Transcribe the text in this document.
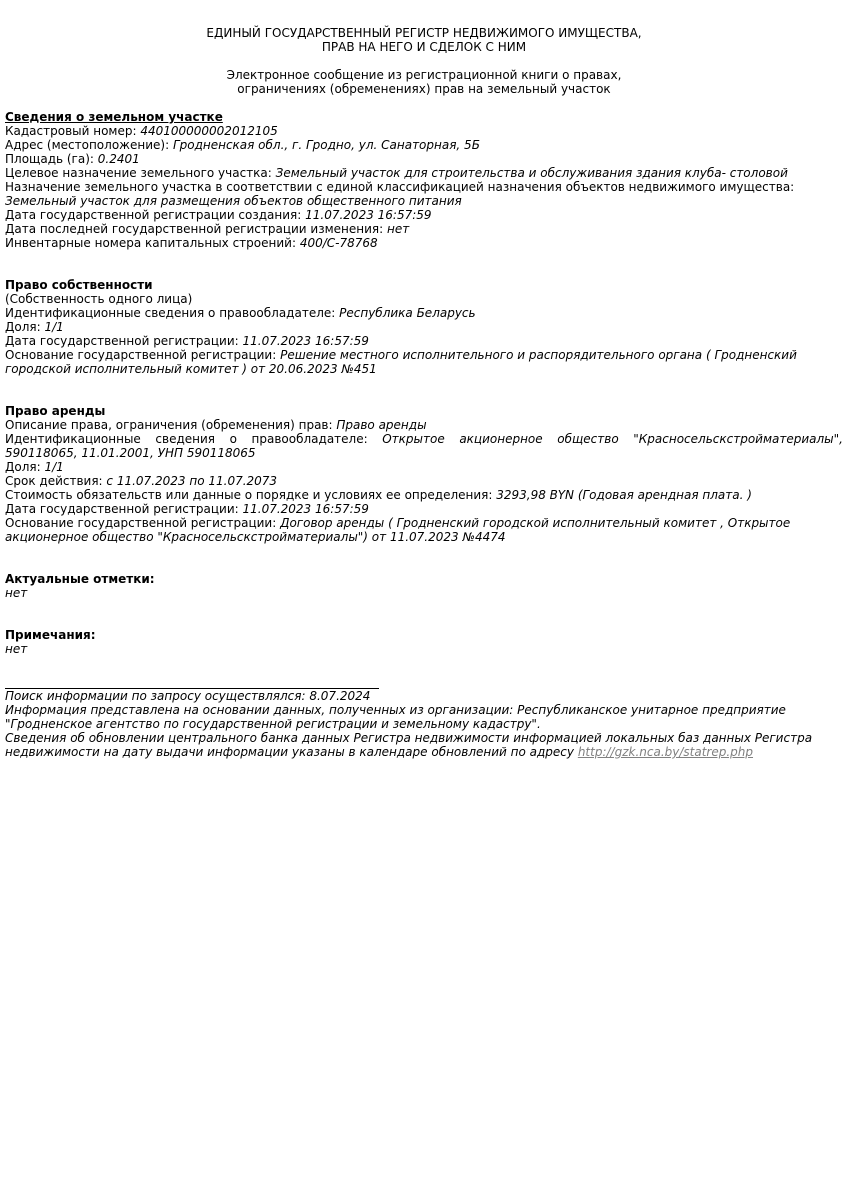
ЕДИНЫЙ ГОСУДАРСТВЕННЫЙ РЕГИСТР НЕДВИЖИМОГО ИМУЩЕСТВА,
ПРАВ НА НЕГО И СДЕЛОК С НИМ
Электронное сообщение из регистрационной книги о правах,
ограничениях (обременениях) прав на земельный участок
Сведения о земельном участке
Кадастровый номер: 440100000002012105
Адрес (местоположение): Гродненская обл., г. Гродно, ул. Санаторная, 5Б
Площадь (га): 0.2401
Целевое назначение земельного участка: Земельный участок для строительства и обслуживания здания клуба- столовой
Назначение земельного участка в соответствии с единой классификацией назначения объектов недвижимого имущества: Земельный участок для размещения объектов общественного питания
Дата государственной регистрации создания: 11.07.2023 16:57:59
Дата последней государственной регистрации изменения: нет
Инвентарные номера капитальных строений: 400/С-78768
Право собственности
(Собственность одного лица)
Идентификационные сведения о правообладателе: Республика Беларусь
Доля: 1/1
Дата государственной регистрации: 11.07.2023 16:57:59
Основание государственной регистрации: Решение местного исполнительного и распорядительного органа ( Гродненский городской исполнительный комитет ) от 20.06.2023 №451
Право аренды
Описание права, ограничения (обременения) прав: Право аренды
Идентификационные сведения о правообладателе: Открытое акционерное общество "Красносельскстройматериалы", 590118065, 11.01.2001, УНП 590118065
Доля: 1/1
Срок действия: с 11.07.2023 по 11.07.2073
Стоимость обязательств или данные о порядке и условиях ее определения: 3293,98 BYN (Годовая арендная плата. )
Дата государственной регистрации: 11.07.2023 16:57:59
Основание государственной регистрации: Договор аренды ( Гродненский городской исполнительный комитет , Открытое акционерное общество "Красносельскстройматериалы") от 11.07.2023 №4474
Актуальные отметки:
нет
Примечания:
нет
Поиск информации по запросу осуществлялся: 8.07.2024
Информация представлена на основании данных, полученных из организации: Республиканское унитарное предприятие "Гродненское агентство по государственной регистрации и земельному кадастру".
Сведения об обновлении центрального банка данных Регистра недвижимости информацией локальных баз данных Регистра недвижимости на дату выдачи информации указаны в календаре обновлений по адресу http://gzk.nca.by/statrep.php
